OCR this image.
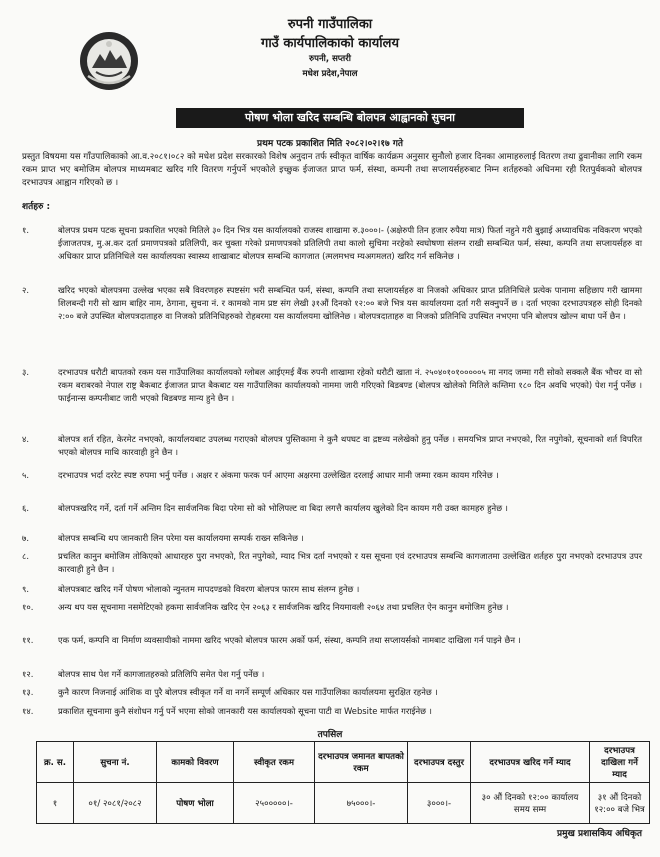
रुपनी गाउँपालिका
गाउँ कार्यपालिकाको कार्यालय
रुपनी, सप्तरी
मधेश प्रदेश,नेपाल
पोषण भोला खरिद सम्बन्धि बोलपत्र आह्वानको सुचना
प्रथम पटक प्रकाशित मिति २०८२।०२।१७ गते
प्रस्तुत विषयमा यस गाँउपालिकाको आ.व.२०८१।०८२ को मधेश प्रदेश सरकारको विशेष अनुदान तर्फ स्वीकृत वार्षिक कार्यक्रम अनुसार सुनौलो हजार दिनका आमाहरुलाई वितरण तथा ढुवानीका लागि रकम रकम प्राप्त भए बमोजिम बोलपत्र माध्यमबाट खरिद गरि वितरण गर्नुपर्ने भएकोले इच्छुक ईजाजत प्राप्त फर्म, संस्था, कम्पनी तथा सप्लायर्सहरुबाट निम्न शर्तहरुको अधिनमा रही रितपुर्वकको बोलपत्र दरभाउपत्र आह्वान गरिएको छ ।
शर्तहरु :
१.	बोलपत्र प्रथम पटक सूचना प्रकाशित भएको मितिले ३० दिन भित्र यस कार्यालयको राजस्व शाखामा रु.३०००।- (अक्षेरुपी तिन हजार रुपैया मात्र) फिर्ता नहुने गरी बुझाई अध्यावधिक नविकरण भएको ईजाजतपत्र, मु.अ.कर दर्ता प्रमाणपत्रको प्रतिलिपी, कर चुक्ता गरेको प्रमाणपत्रको प्रतिलिपी तथा कालो सुचिमा नरहेको स्वघोषणा संलग्न राखी सम्बन्धित फर्म, संस्था, कम्पनि तथा सप्लायर्सहरु वा अधिकार प्राप्त प्रतिनिधिले यस कार्यालयका स्वास्थ्य शाखाबाट बोलपत्र सम्बन्धि कागजात (त्मलमभच म्यअगमलत) खरिद गर्न सकिनेछ ।
२.	खरिद भएको बोलपत्रमा उल्लेख भएका सबै विवरणहरु स्पष्टसंग भरी सम्बन्धित फर्म, संस्था, कम्पनि तथा सप्लायर्सहरु वा निजको अधिकार प्राप्त प्रतिनिधिले प्रत्येक पानामा सहिछाप गरी खाममा शिलबन्दी गरी सो खाम बाहिर नाम, ठेगाना, सुचना नं. र कामको नाम प्रष्ट संग लेखी ३१औं दिनको १२:०० बजे भित्र यस कार्यालयमा दर्ता गरी सक्नुपर्ने छ । दर्ता भएका दरभाउपत्रहरु सोही दिनको २:०० बजे उपस्थित बोलपत्रदाताहरु वा निजको प्रतिनिधिहरुको रोहबरमा यस कार्यालयमा खोलिनेछ । बोलपत्रदाताहरु वा निजको प्रतिनिधि उपस्थित नभएमा पनि बोलपत्र खोल्न बाधा पर्ने छैन ।
३.	दरभाउपत्र धरौटी बापतको रकम यस गाउँपालिका कार्यालयको ग्लोबल आईएमई बैंक रुपनी शाखामा रहेको धरौटी खाता नं. २५०४०१०१०००००५ मा नगद जम्मा गरी सोको सक्कलै बैंक भौचर वा सो रकम बराबरको नेपाल राष्ट्र बैकबाट ईजाजत प्राप्त बैकबाट यस गाउँपालिका कार्यालयको नाममा जारी गरिएको बिडबण्ड (बोलपत्र खोलेको मितिले कम्तिमा १८० दिन अवधि भएको) पेश गर्नु पर्नेछ । फाईनान्स कम्पनीबाट जारी भएको बिडबण्ड मान्य हुने छैन ।
४.	बोलपत्र शर्त रहित, केरमेट नभएको, कार्यालयबाट उपलब्ध गराएको बोलपत्र पुस्तिकामा ने कुनै थपघट वा द्रष्टव्य नलेखेको हुनु पर्नेछ । समयभित्र प्राप्त नभएको, रित नपुगेको, सूचनाको शर्त विपरित भएको बोलपत्र माथि कारवाही हुने छैन ।
५.	दरभाउपत्र भर्दा दररेट स्पष्ट रुपमा भर्नु पर्नेछ । अक्षर र अंकमा फरक पर्न आएमा अक्षरमा उल्लेखित दरलाई आधार मानी जम्मा रकम कायम गरिनेछ ।
६.	बोलपत्रखरिद गर्ने, दर्ता गर्ने अन्तिम दिन सार्वजनिक बिदा परेमा सो को भोलिपल्ट वा बिदा लगत्तै कार्यालय खुलेको दिन कायम गरी उक्त कामहरु हुनेछ ।
७.	बोलपत्र सम्बन्धि थप जानकारी लिन परेमा यस कार्यालयमा सम्पर्क राख्न सकिनेछ ।
८.	प्रचलित कानुन बमोजिम तोकिएको आधारहरु पुरा नभएको, रित नपुगेको, म्याद भित्र दर्ता नभएको र यस सूचना एवं दरभाउपत्र सम्बन्धि कागजातमा उल्लेखित शर्तहरु पुरा नभएको दरभाउपत्र उपर कारवाही हुने छैन ।
९.	बोलपत्रबाट खरिद गर्ने पोषण भोलाको न्युनतम मापदण्डको विवरण बोलपत्र फारम साथ संलग्न हुनेछ ।
१०.	अन्य थप यस सूचनामा नसमेटिएको हकमा सार्वजनिक खरिद ऐन २०६३ र सार्वजनिक खरिद नियमावली २०६४ तथा प्रचलित ऐन कानुन बमोजिम हुनेछ ।
११.	एक फर्म, कम्पनि वा निर्माण व्यवसायीको नाममा खरिद भएको बोलपत्र फारम अर्को फर्म, संस्था, कम्पनि तथा सप्लायर्सको नामबाट दाखिला गर्न पाइने छैन ।
१२.	बोलपत्र साथ पेश गर्ने कागजातहरुको प्रतिलिपि समेत पेश गर्नु पर्नेछ ।
१३.	कुनै कारण निजनाई आंशिक वा पुरै बोलपत्र स्वीकृत गर्ने वा नगर्ने सम्पूर्ण अधिकार यस गाउँपालिका कार्यालयमा सुरक्षित रहनेछ ।
१४.	प्रकाशित सूचनामा कुनै संशोधन गर्नु पर्ने भएमा सोको जानकारी यस कार्यालयको सूचना पाटी वा Website मार्फत गराईनेछ ।
तपसिल
क्र. स.	सुचना नं.	कामको विवरण	स्वीकृत रकम	दरभाउपत्र जमानत बापतको रकम	दरभाउपत्र दस्तुर	दरभाउपत्र खरिद गर्ने म्याद	दरभाउपत्र दाखिला गर्ने म्याद
१	०१/ २०८१/२०८२	पोषण भोला	२५०००००।-	७५०००।-	३०००।-	३० औं दिनको १२:०० कार्यालय समय सम्म	३१ औं दिनको १२:०० बजे भित्र
प्रमुख प्रशासकिय अधिकृत
